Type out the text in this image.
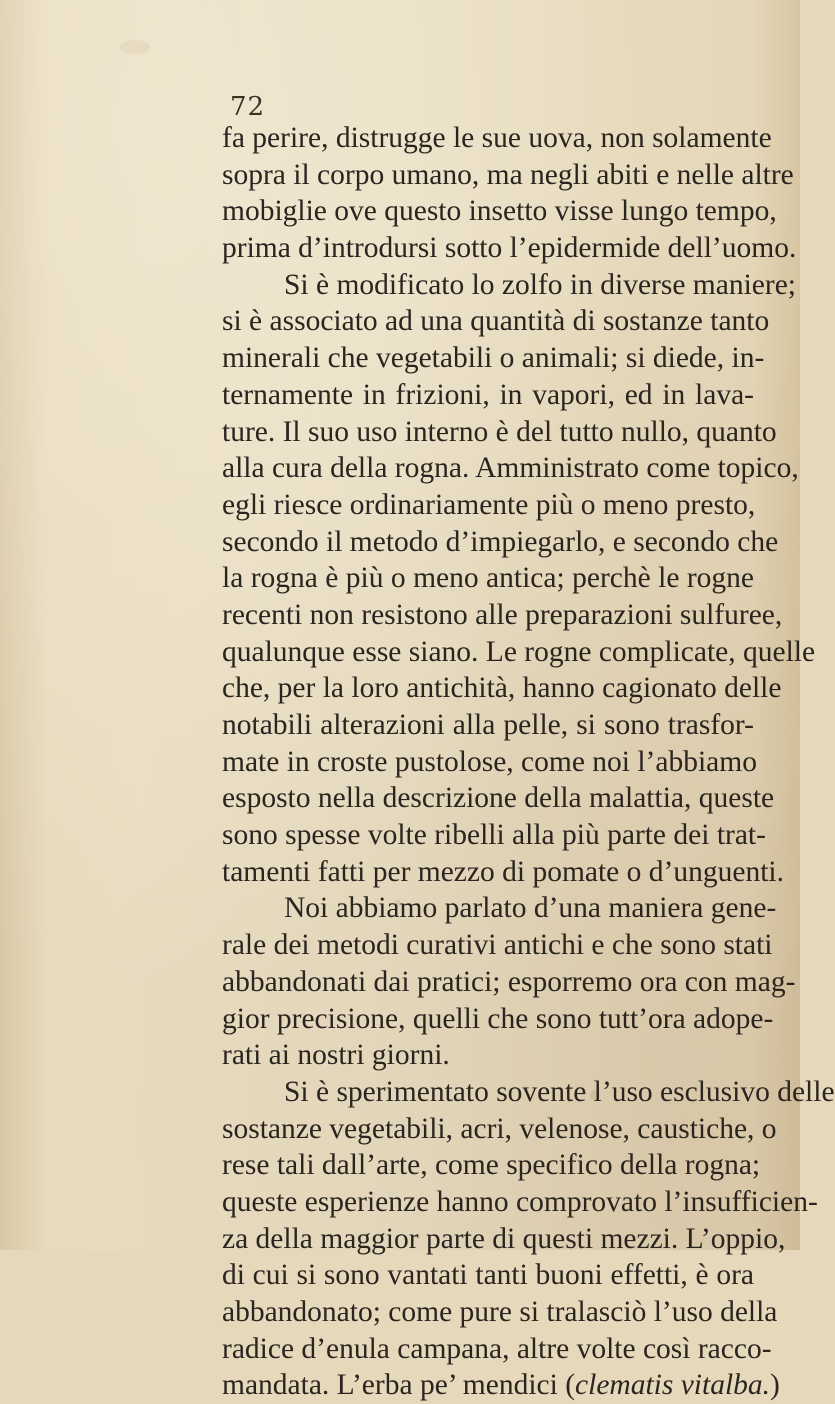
72
fa perire, distrugge le sue uova, non solamente
sopra il corpo umano, ma negli abiti e nelle altre
mobiglie ove questo insetto visse lungo tempo,
prima d’introdursi sotto l’epidermide dell’uomo.
Si è modificato lo zolfo in diverse maniere;
si è associato ad una quantità di sostanze tanto
minerali che vegetabili o animali; si diede, in-
ternamente in frizioni, in vapori, ed in lava-
ture. Il suo uso interno è del tutto nullo, quanto
alla cura della rogna. Amministrato come topico,
egli riesce ordinariamente più o meno presto,
secondo il metodo d’impiegarlo, e secondo che
la rogna è più o meno antica; perchè le rogne
recenti non resistono alle preparazioni sulfuree,
qualunque esse siano. Le rogne complicate, quelle
che, per la loro antichità, hanno cagionato delle
notabili alterazioni alla pelle, si sono trasfor-
mate in croste pustolose, come noi l’abbiamo
esposto nella descrizione della malattia, queste
sono spesse volte ribelli alla più parte dei trat-
tamenti fatti per mezzo di pomate o d’unguenti.
Noi abbiamo parlato d’una maniera gene-
rale dei metodi curativi antichi e che sono stati
abbandonati dai pratici; esporremo ora con mag-
gior precisione, quelli che sono tutt’ora adope-
rati ai nostri giorni.
Si è sperimentato sovente l’uso esclusivo delle
sostanze vegetabili, acri, velenose, caustiche, o
rese tali dall’arte, come specifico della rogna;
queste esperienze hanno comprovato l’insufficien-
za della maggior parte di questi mezzi. L’oppio,
di cui si sono vantati tanti buoni effetti, è ora
abbandonato; come pure si tralasciò l’uso della
radice d’enula campana, altre volte così racco-
mandata. L’erba pe’ mendici (clematis vitalba.)
